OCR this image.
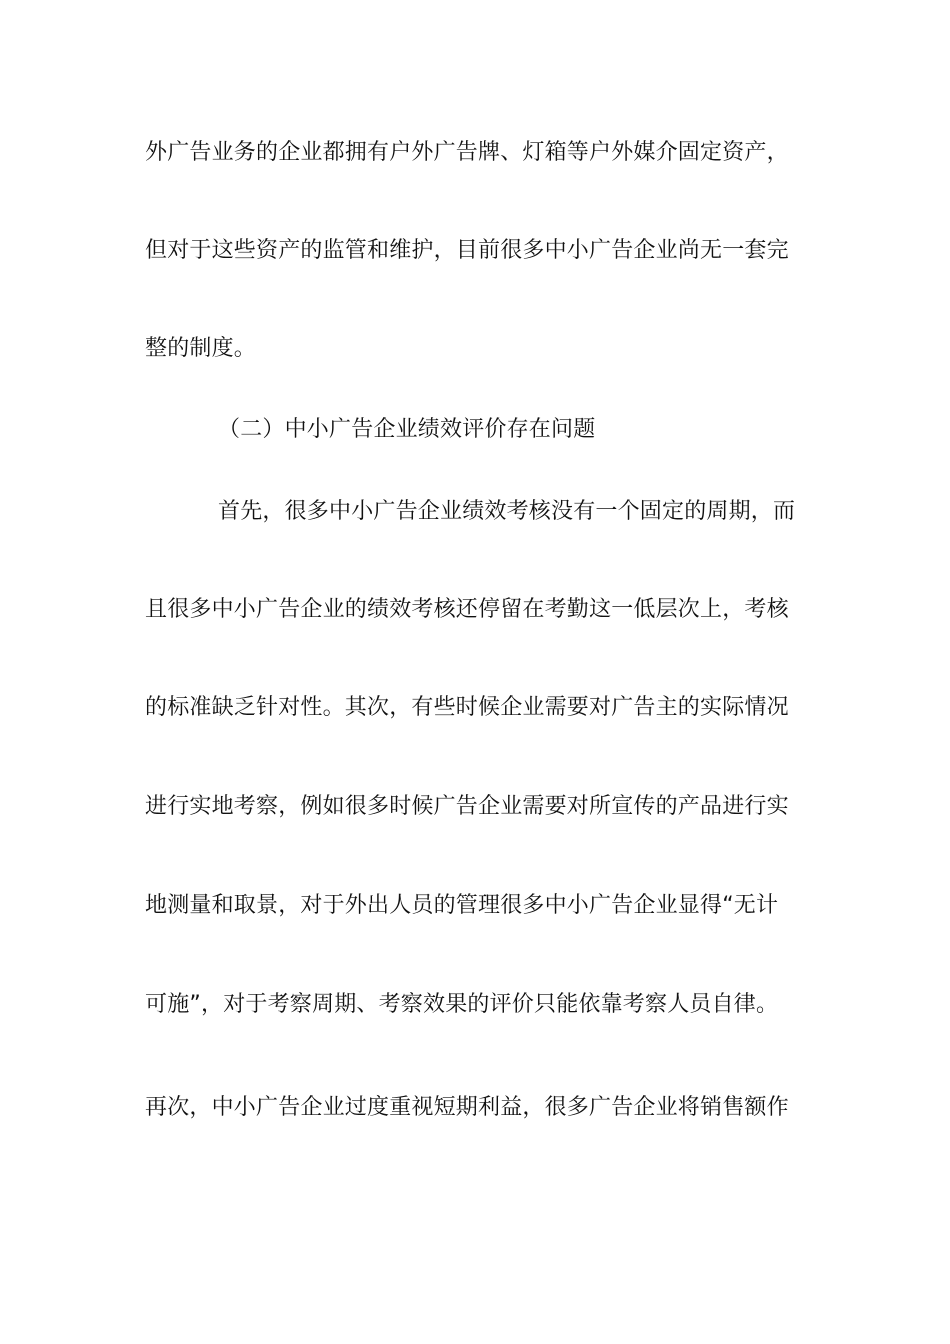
外广告业务的企业都拥有户外广告牌、灯箱等户外媒介固定资产，
但对于这些资产的监管和维护，目前很多中小广告企业尚无一套完
整的制度。
（二）中小广告企业绩效评价存在问题
首先，很多中小广告企业绩效考核没有一个固定的周期，而
且很多中小广告企业的绩效考核还停留在考勤这一低层次上，考核
的标准缺乏针对性。其次，有些时候企业需要对广告主的实际情况
进行实地考察，例如很多时候广告企业需要对所宣传的产品进行实
地测量和取景，对于外出人员的管理很多中小广告企业显得“无计
可施”，对于考察周期、考察效果的评价只能依靠考察人员自律。
再次，中小广告企业过度重视短期利益，很多广告企业将销售额作
